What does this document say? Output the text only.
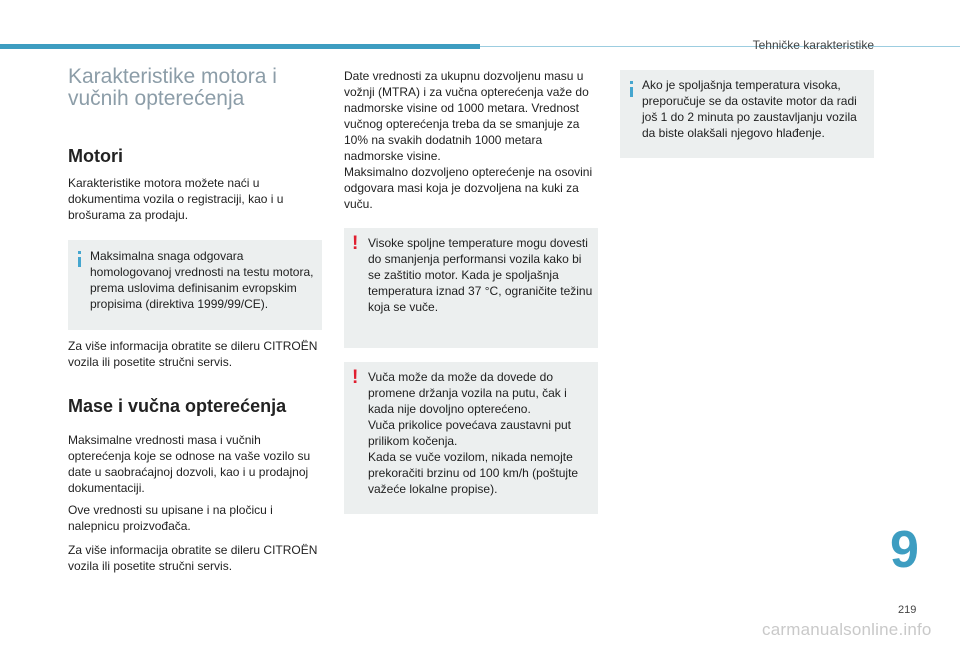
Tehničke karakteristike
Karakteristike motora i vučnih opterećenja
Motori

Karakteristike motora možete naći u dokumentima vozila o registraciji, kao i u brošurama za prodaju.

Maksimalna snaga odgovara homologovanoj vrednosti na testu motora, prema uslovima definisanim evropskim propisima (direktiva 1999/99/CE).

Za više informacija obratite se dileru CITROËN vozila ili posetite stručni servis.

Mase i vučna opterećenja

Maksimalne vrednosti masa i vučnih opterećenja koje se odnose na vaše vozilo su date u saobraćajnoj dozvoli, kao i u prodajnoj dokumentaciji.

Ove vrednosti su upisane i na pločicu i nalepnicu proizvođača.

Za više informacija obratite se dileru CITROËN vozila ili posetite stručni servis.

Date vrednosti za ukupnu dozvoljenu masu u vožnji (MTRA) i za vučna opterećenja važe do nadmorske visine od 1000 metara. Vrednost vučnog opterećenja treba da se smanjuje za 10% na svakih dodatnih 1000 metara nadmorske visine.

Maksimalno dozvoljeno opterećenje na osovini odgovara masi koja je dozvoljena na kuki za vuču.

! Visoke spoljne temperature mogu dovesti do smanjenja performansi vozila kako bi se zaštitio motor. Kada je spoljašnja temperatura iznad 37 °C, ograničite težinu koja se vuče.
! Vuča može da može da dovede do promene držanja vozila na putu, čak i kada nije dovoljno opterećeno.
Vuča prikolice povećava zaustavni put prilikom kočenja.
Kada se vuče vozilom, nikada nemojte prekoračiti brzinu od 100 km/h (poštujte važeće lokalne propise).
Ako je spoljašnja temperatura visoka, preporučuje se da ostavite motor da radi još 1 do 2 minuta po zaustavljanju vozila da biste olakšali njegovo hlađenje.
9
219
carmanualsonline.info
